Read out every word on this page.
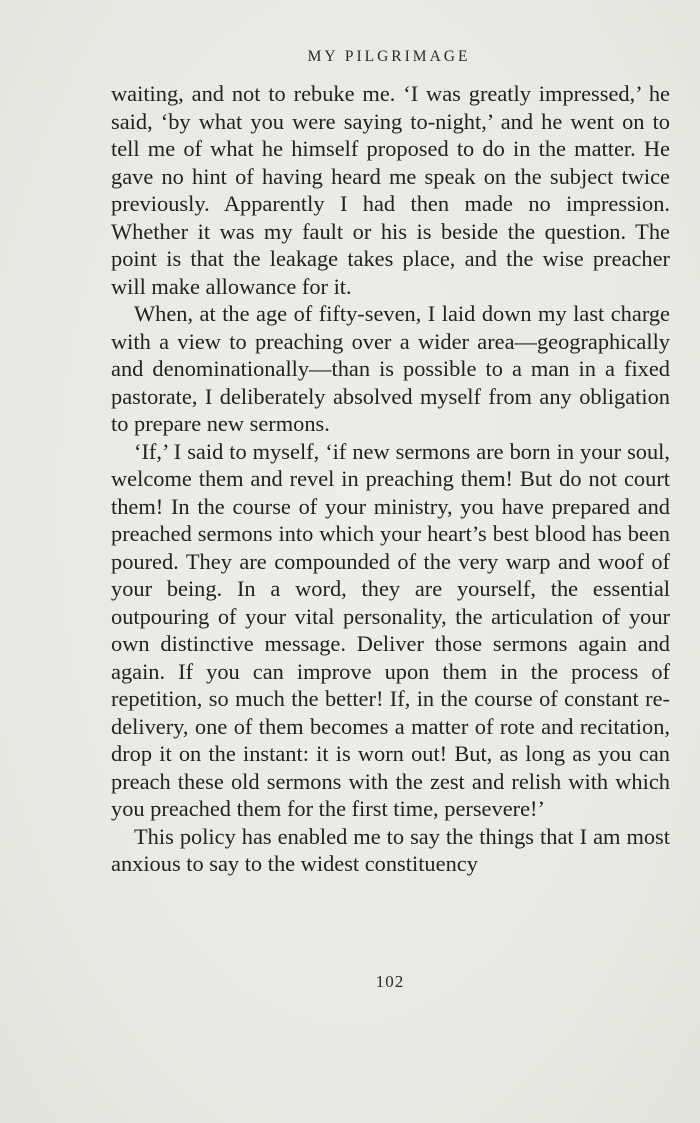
MY PILGRIMAGE

waiting, and not to rebuke me. ‘I was greatly impressed,’ he said, ‘by what you were saying to-night,’ and he went on to tell me of what he himself proposed to do in the matter. He gave no hint of having heard me speak on the subject twice previously. Apparently I had then made no impression. Whether it was my fault or his is beside the question. The point is that the leakage takes place, and the wise preacher will make allowance for it.

When, at the age of fifty-seven, I laid down my last charge with a view to preaching over a wider area—geographically and denominationally—than is possible to a man in a fixed pastorate, I deliberately absolved myself from any obligation to prepare new sermons.

‘If,’ I said to myself, ‘if new sermons are born in your soul, welcome them and revel in preaching them! But do not court them! In the course of your ministry, you have prepared and preached sermons into which your heart’s best blood has been poured. They are compounded of the very warp and woof of your being. In a word, they are yourself, the essential outpouring of your vital personality, the articulation of your own distinctive message. Deliver those sermons again and again. If you can improve upon them in the process of repetition, so much the better! If, in the course of constant re-delivery, one of them becomes a matter of rote and recitation, drop it on the instant: it is worn out! But, as long as you can preach these old sermons with the zest and relish with which you preached them for the first time, persevere!’

This policy has enabled me to say the things that I am most anxious to say to the widest constituency

102
